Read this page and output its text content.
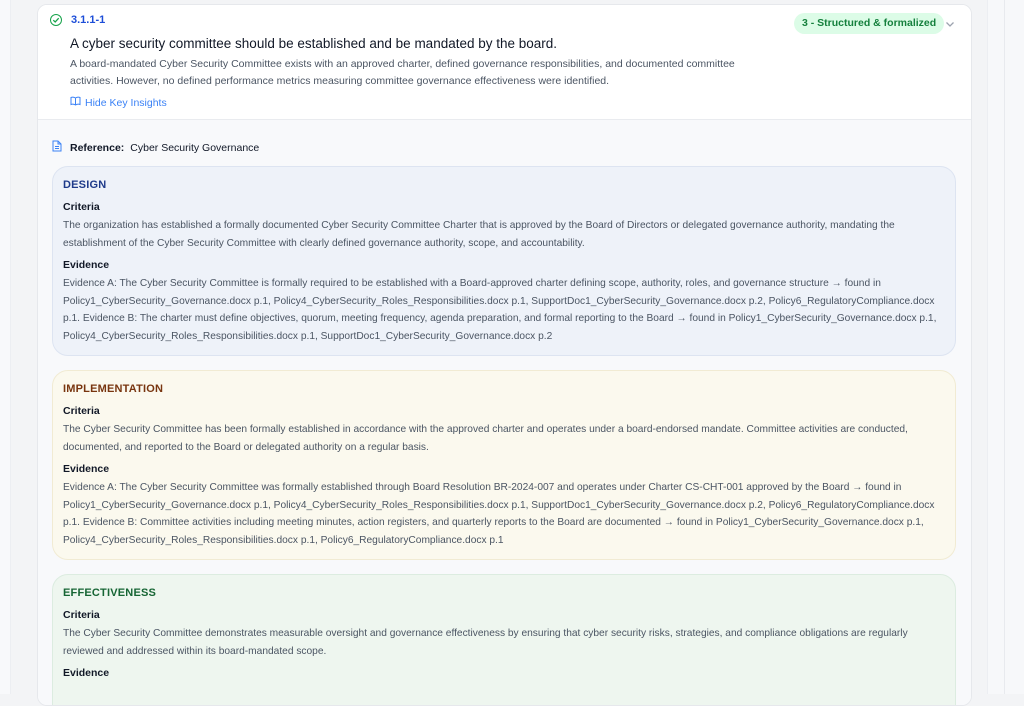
3.1.1-1
A cyber security committee should be established and be mandated by the board.
A board-mandated Cyber Security Committee exists with an approved charter, defined governance responsibilities, and documented committee activities. However, no defined performance metrics measuring committee governance effectiveness were identified.
Hide Key Insights
3 - Structured & formalized
Reference: Cyber Security Governance
DESIGN
Criteria
The organization has established a formally documented Cyber Security Committee Charter that is approved by the Board of Directors or delegated governance authority, mandating the establishment of the Cyber Security Committee with clearly defined governance authority, scope, and accountability.
Evidence
Evidence A: The Cyber Security Committee is formally required to be established with a Board-approved charter defining scope, authority, roles, and governance structure → found in Policy1_CyberSecurity_Governance.docx p.1, Policy4_CyberSecurity_Roles_Responsibilities.docx p.1, SupportDoc1_CyberSecurity_Governance.docx p.2, Policy6_RegulatoryCompliance.docx p.1. Evidence B: The charter must define objectives, quorum, meeting frequency, agenda preparation, and formal reporting to the Board → found in Policy1_CyberSecurity_Governance.docx p.1, Policy4_CyberSecurity_Roles_Responsibilities.docx p.1, SupportDoc1_CyberSecurity_Governance.docx p.2
IMPLEMENTATION
Criteria
The Cyber Security Committee has been formally established in accordance with the approved charter and operates under a board-endorsed mandate. Committee activities are conducted, documented, and reported to the Board or delegated authority on a regular basis.
Evidence
Evidence A: The Cyber Security Committee was formally established through Board Resolution BR-2024-007 and operates under Charter CS-CHT-001 approved by the Board → found in Policy1_CyberSecurity_Governance.docx p.1, Policy4_CyberSecurity_Roles_Responsibilities.docx p.1, SupportDoc1_CyberSecurity_Governance.docx p.2, Policy6_RegulatoryCompliance.docx p.1. Evidence B: Committee activities including meeting minutes, action registers, and quarterly reports to the Board are documented → found in Policy1_CyberSecurity_Governance.docx p.1, Policy4_CyberSecurity_Roles_Responsibilities.docx p.1, Policy6_RegulatoryCompliance.docx p.1
EFFECTIVENESS
Criteria
The Cyber Security Committee demonstrates measurable oversight and governance effectiveness by ensuring that cyber security risks, strategies, and compliance obligations are regularly reviewed and addressed within its board-mandated scope.
Evidence
